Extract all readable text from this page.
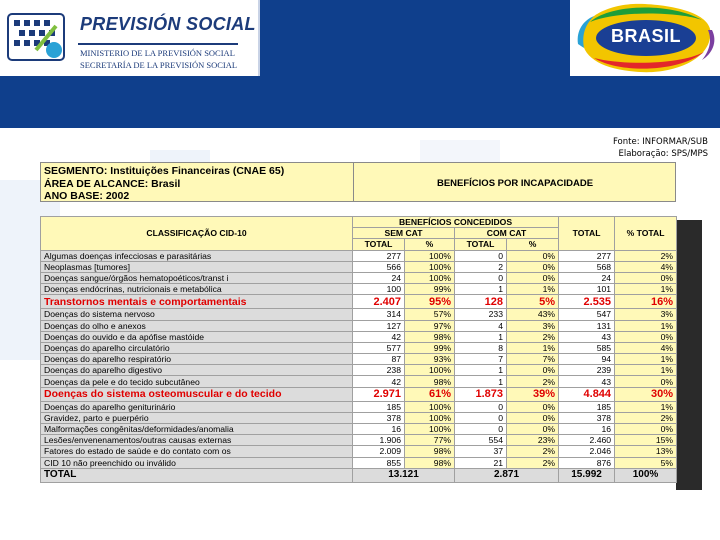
PREVISIÓN SOCIAL
MINISTERIO DE LA PREVISIÓN SOCIAL
SECRETARÍA DE LA PREVISIÓN SOCIAL
BRASIL
Fonte: INFORMAR/SUB
Elaboração: SPS/MPS
SEGMENTO: Instituições Financeiras (CNAE 65)
ÁREA DE ALCANCE: Brasil
ANO BASE: 2002
BENEFÍCIOS POR INCAPACIDADE
CLASSIFICAÇÃO CID-10	BENEFÍCIOS CONCEDIDOS				TOTAL	% TOTAL
	SEM CAT		COM CAT			
	TOTAL	%	TOTAL	%		
Algumas doenças infecciosas e parasitárias	277	100%	0	0%	277	2%
Neoplasmas [tumores]	566	100%	2	0%	568	4%
Doenças sangue/órgãos hematopoéticos/transt i	24	100%	0	0%	24	0%
Doenças endócrinas, nutricionais e metabólica	100	99%	1	1%	101	1%
Transtornos mentais e comportamentais	2.407	95%	128	5%	2.535	16%
Doenças do sistema nervoso	314	57%	233	43%	547	3%
Doenças do olho e anexos	127	97%	4	3%	131	1%
Doenças do ouvido e da apófise mastóide	42	98%	1	2%	43	0%
Doenças do aparelho circulatório	577	99%	8	1%	585	4%
Doenças do aparelho respiratório	87	93%	7	7%	94	1%
Doenças do aparelho digestivo	238	100%	1	0%	239	1%
Doenças da pele e do tecido subcutâneo	42	98%	1	2%	43	0%
Doenças do sistema osteomuscular e do tecido	2.971	61%	1.873	39%	4.844	30%
Doenças do aparelho geniturinário	185	100%	0	0%	185	1%
Gravidez, parto e puerpério	378	100%	0	0%	378	2%
Malformações congênitas/deformidades/anomalia	16	100%	0	0%	16	0%
Lesões/envenenamentos/outras causas externas	1.906	77%	554	23%	2.460	15%
Fatores do estado de saúde e do contato com os	2.009	98%	37	2%	2.046	13%
CID 10 não preenchido ou inválido	855	98%	21	2%	876	5%
TOTAL	13.121		2.871		15.992	100%
